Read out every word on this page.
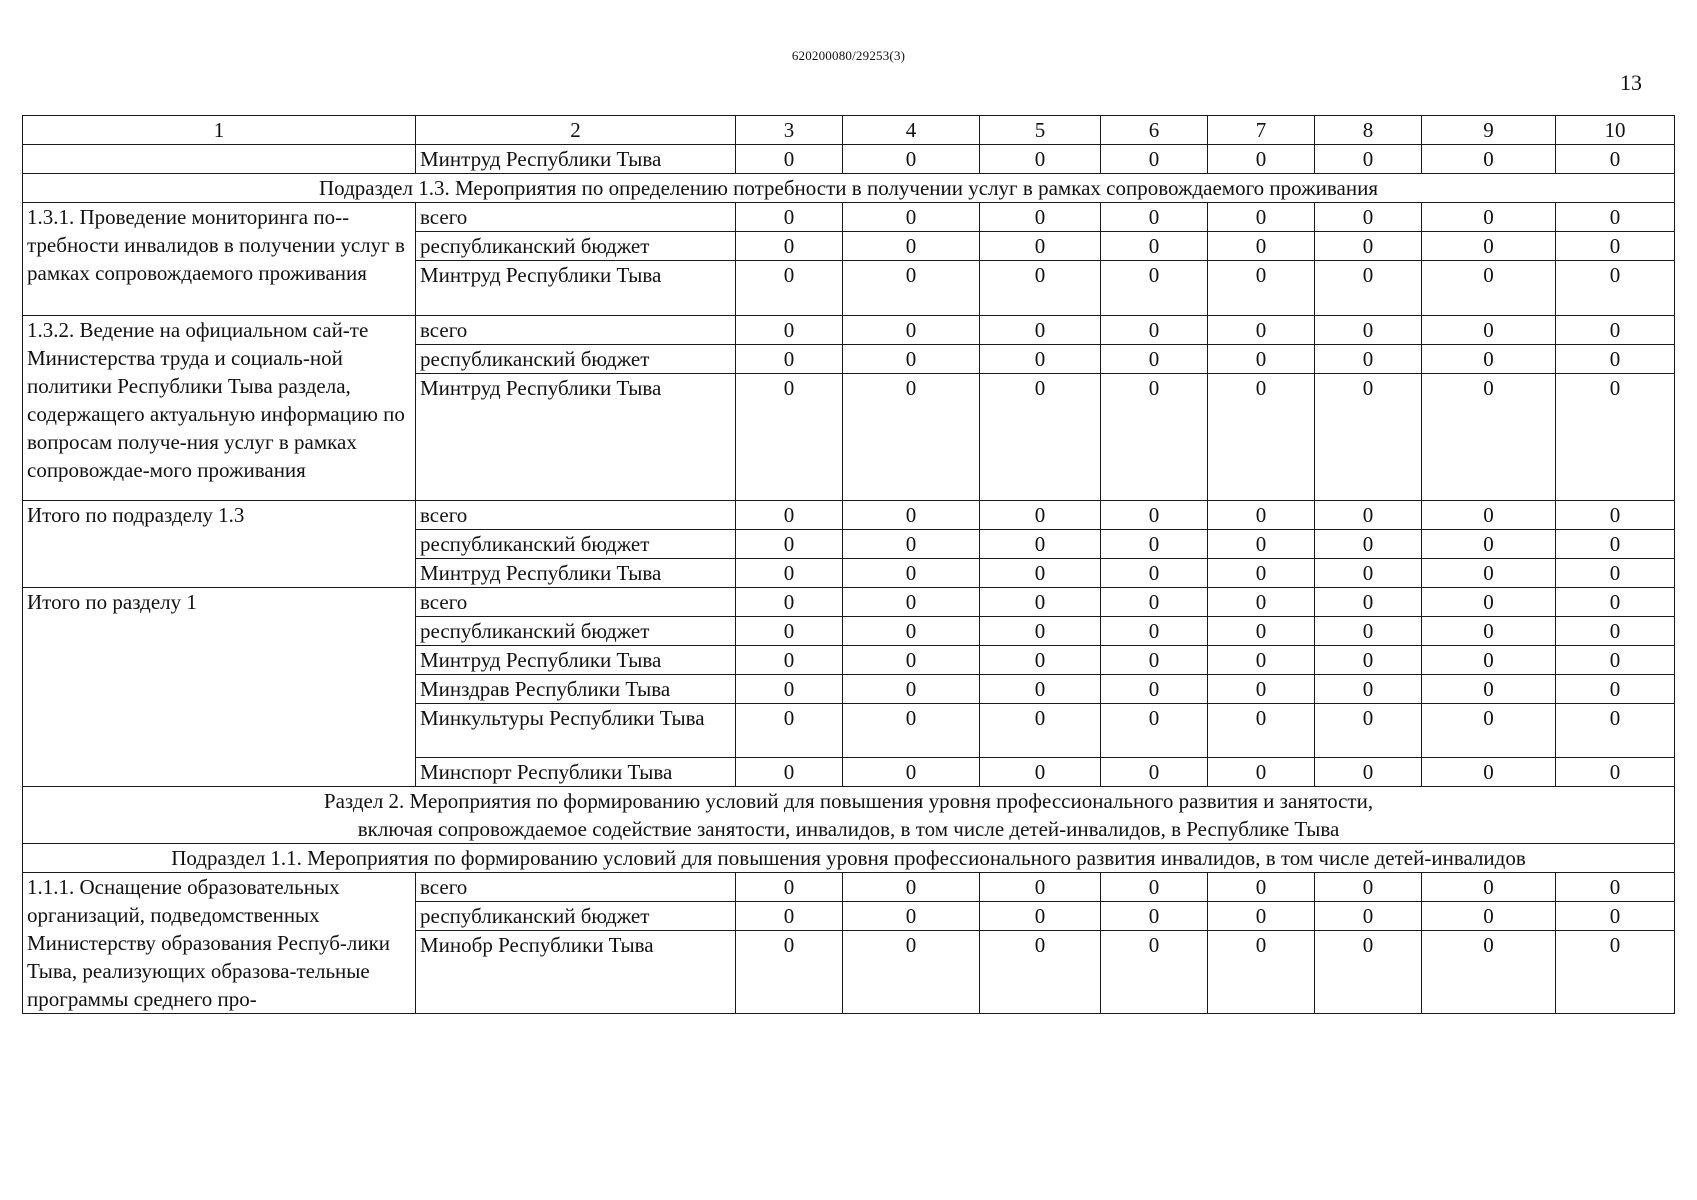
620200080/29253(3)
13
1	2	3	4	5	6	7	8	9	10
	Минтруд Республики Тыва	0	0	0	0	0	0	0	0
Подраздел 1.3. Мероприятия по определению потребности в получении услуг в рамках сопровождаемого проживания									
1.3.1. Проведение мониторинга по-требности инвалидов в получении услуг в рамках сопровождаемого проживания	всего	0	0	0	0	0	0	0	0
	республиканский бюджет	0	0	0	0	0	0	0	0
	Минтруд Республики Тыва	0	0	0	0	0	0	0	0
1.3.2. Ведение на официальном сай-те Министерства труда и социаль-ной политики Республики Тыва раздела, содержащего актуальную информацию по вопросам получе-ния услуг в рамках сопровождае-мого проживания	всего	0	0	0	0	0	0	0	0
	республиканский бюджет	0	0	0	0	0	0	0	0
	Минтруд Республики Тыва	0	0	0	0	0	0	0	0
Итого по подразделу 1.3	всего	0	0	0	0	0	0	0	0
	республиканский бюджет	0	0	0	0	0	0	0	0
	Минтруд Республики Тыва	0	0	0	0	0	0	0	0
Итого по разделу 1	всего	0	0	0	0	0	0	0	0
	республиканский бюджет	0	0	0	0	0	0	0	0
	Минтруд Республики Тыва	0	0	0	0	0	0	0	0
	Минздрав Республики Тыва	0	0	0	0	0	0	0	0
	Минкультуры Республики Тыва	0	0	0	0	0	0	0	0
	Минспорт Республики Тыва	0	0	0	0	0	0	0	0

Раздел 2. Мероприятия по формированию условий для повышения уровня профессионального развития и занятости,
включая сопровождаемое содействие занятости, инвалидов, в том числе детей-инвалидов, в Республике Тыва									

Подраздел 1.1. Мероприятия по формированию условий для повышения уровня профессионального развития инвалидов, в том числе детей-инвалидов									
1.1.1. Оснащение образовательных организаций, подведомственных Министерству образования Респуб-лики Тыва, реализующих образова-тельные программы среднего про-	всего	0	0	0	0	0	0	0	0
	республиканский бюджет	0	0	0	0	0	0	0	0
	Минобр Республики Тыва	0	0	0	0	0	0	0	0
